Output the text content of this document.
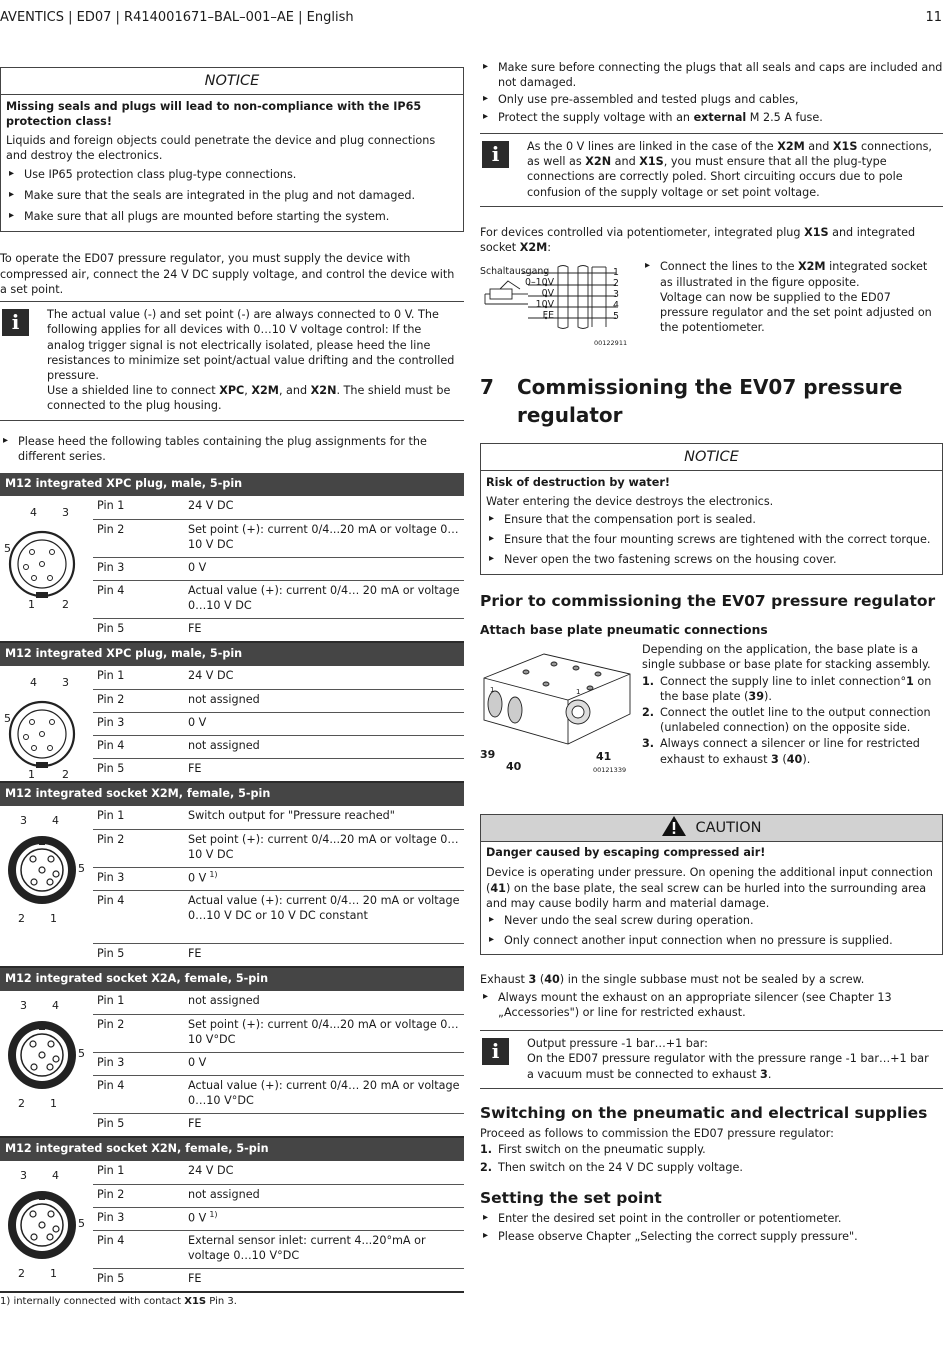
AVENTICS | ED07 | R414001671–BAL–001–AE | English	11
NOTICE
Missing seals and plugs will lead to non-compliance with the IP65 protection class!
Liquids and foreign objects could penetrate the device and plug connections and destroy the electronics.
▸ Use IP65 protection class plug-type connections.
▸ Make sure that the seals are integrated in the plug and not damaged.
▸ Make sure that all plugs are mounted before starting the system.

To operate the ED07 pressure regulator, you must supply the device with compressed air, connect the 24 V DC supply voltage, and control the device with a set point.

i	The actual value (-) and set point (-) are always connected to 0 V. The following applies for all devices with 0…10 V voltage control: If the analog trigger signal is not electrically isolated, please heed the line resistances to minimize set point/actual value drifting and the controlled pressure.

Use a shielded line to connect XPC, X2M, and X2N. The shield must be connected to the plug housing.

▸ Please heed the following tables containing the plug assignments for the different series.
M12 integrated XPC plug, male, 5-pin
4 3
5
1 2
Pin 1	24 V DC
Pin 2	Set point (+): current 0/4...20 mA or voltage 0…10 V DC
Pin 3	0 V
Pin 4	Actual value (+): current 0/4… 20 mA or voltage 0…10 V DC
Pin 5	FE
M12 integrated XPC plug, male, 5-pin
4 3
5
1 2
Pin 1	24 V DC
Pin 2	not assigned
Pin 3	0 V
Pin 4	not assigned
Pin 5	FE
M12 integrated socket X2M, female, 5-pin
3 4
5
2 1
Pin 1	Switch output for "Pressure reached"
Pin 2	Set point (+): current 0/4...20 mA or voltage 0…10 V DC
Pin 3	0 V $^{1)}$
Pin 4	Actual value (+): current 0/4… 20 mA or voltage 0…10 V DC or 10 V DC constant
Pin 5	FE
M12 integrated socket X2A, female, 5-pin
3 4
5
2 1
Pin 1	not assigned
Pin 2	Set point (+): current 0/4...20 mA or voltage 0…10 V°DC
Pin 3	0 V
Pin 4	Actual value (+): current 0/4… 20 mA or voltage 0…10 V°DC
Pin 5	FE
M12 integrated socket X2N, female, 5-pin
3 4
5
2 1
Pin 1	24 V DC
Pin 2	not assigned
Pin 3	0 V $^{1)}$
Pin 4	External sensor inlet: current 4...20°mA or voltage 0…10 V°DC
Pin 5	FE

1) internally connected with contact X1S Pin 3.

▸ Make sure before connecting the plugs that all seals and caps are included and not damaged.
▸ Only use pre-assembled and tested plugs and cables,
▸ Protect the supply voltage with an external M 2.5 A fuse.
i	As the 0 V lines are linked in the case of the X2M and X1S connections, as well as X2N and X1S, you must ensure that all the plug-type connections are correctly poled. Short circuiting occurs due to pole confusion of the supply voltage or set point voltage.

For devices controlled via potentiometer, integrated plug X1S and integrated socket X2M:

Schaltausgang
0–10V
0V
10V
FE
1
2
3
4
5
00122911
▸ Connect the lines to the X2M integrated socket as illustrated in the figure opposite.
Voltage can now be supplied to the ED07 pressure regulator and the set point adjusted on the potentiometer.
7 Commissioning the EV07 pressure regulator
NOTICE
Risk of destruction by water!
Water entering the device destroys the electronics.
▸ Ensure that the compensation port is sealed.
▸ Ensure that the four mounting screws are tightened with the correct torque.
▸ Never open the two fastening screws on the housing cover.
Prior to commissioning the EV07 pressure regulator
Attach base plate pneumatic connections
1	1
39
40
41
00121339

Depending on the application, the base plate is a single subbase or base plate for stacking assembly.

1. Connect the supply line to inlet connection°1 on the base plate (39).
2. Connect the outlet line to the output connection (unlabeled connection) on the opposite side.
3. Always connect a silencer or line for restricted exhaust to exhaust 3 (40).
CAUTION
Danger caused by escaping compressed air!

Device is operating under pressure. On opening the additional input connection (41) on the base plate, the seal screw can be hurled into the surrounding area and may cause bodily harm and material damage.

▸ Never undo the seal screw during operation.
▸ Only connect another input connection when no pressure is supplied.

Exhaust 3 (40) in the single subbase must not be sealed by a screw.

▸ Always mount the exhaust on an appropriate silencer (see Chapter 13 „Accessories") or line for restricted exhaust.
i	Output pressure -1 bar…+1 bar:

On the ED07 pressure regulator with the pressure range -1 bar…+1 bar a vacuum must be connected to exhaust 3.

Switching on the pneumatic and electrical supplies

Proceed as follows to commission the ED07 pressure regulator:

1. First switch on the pneumatic supply.
2. Then switch on the 24 V DC supply voltage.
Setting the set point
▸ Enter the desired set point in the controller or potentiometer.
▸ Please observe Chapter „Selecting the correct supply pressure".
